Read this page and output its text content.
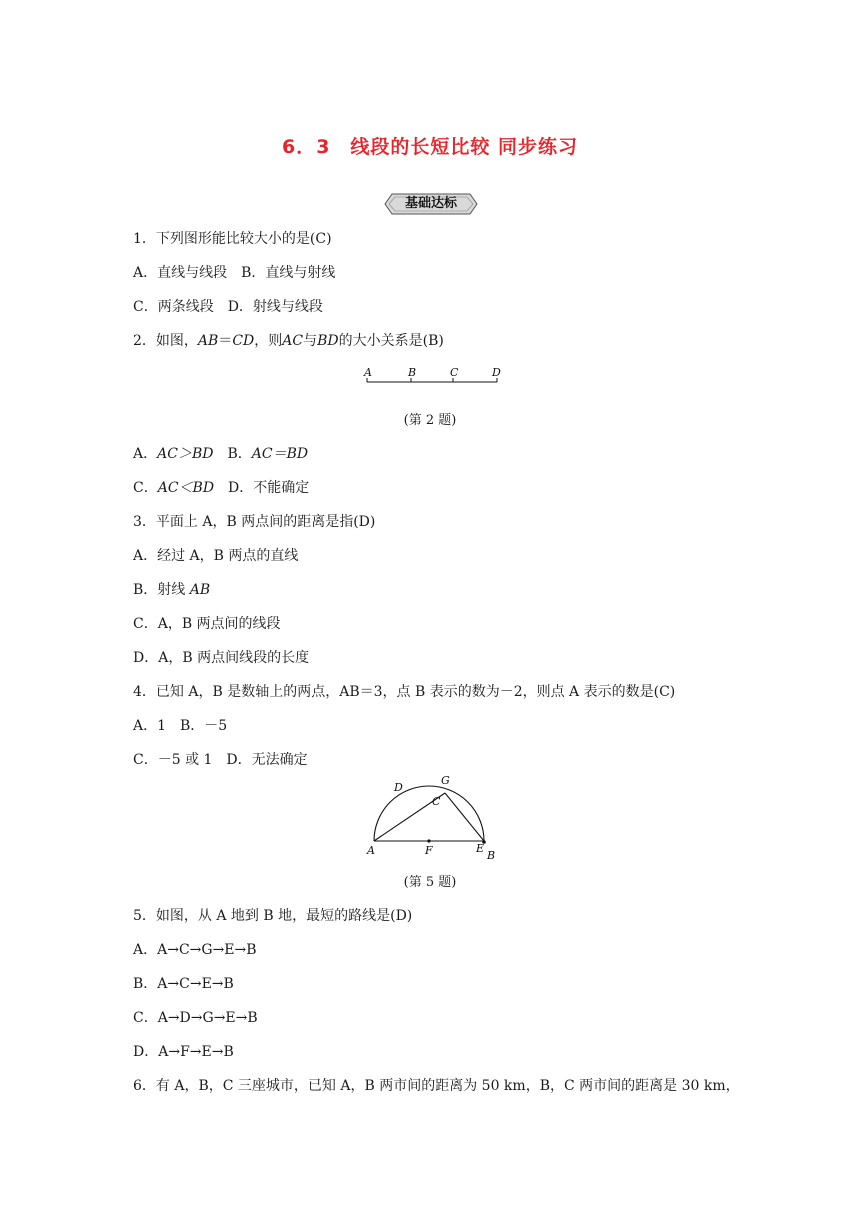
6．3　线段的长短比较 同步练习
基础达标
1．下列图形能比较大小的是(C)
A．直线与线段　B．直线与射线
C．两条线段　D．射线与线段
2．如图，AB＝CD，则AC与BD的大小关系是(B)
A	B	C	D
(第 2 题)
A．AC＞BD　B．AC＝BD
C．AC＜BD　D．不能确定
3．平面上 A，B 两点间的距离是指(D)
A．经过 A，B 两点的直线
B．射线 AB
C．A，B 两点间的线段
D．A，B 两点间线段的长度
4．已知 A，B 是数轴上的两点，AB＝3，点 B 表示的数为－2，则点 A 表示的数是(C)
A．1　B．－5
C．－5 或 1　D．无法确定
D
G
C
A	F	E
B
(第 5 题)
5．如图，从 A 地到 B 地，最短的路线是(D)
A．A→C→G→E→B
B．A→C→E→B
C．A→D→G→E→B
D．A→F→E→B
6．有 A，B，C 三座城市，已知 A，B 两市间的距离为 50 km，B，C 两市间的距离是 30 km，
